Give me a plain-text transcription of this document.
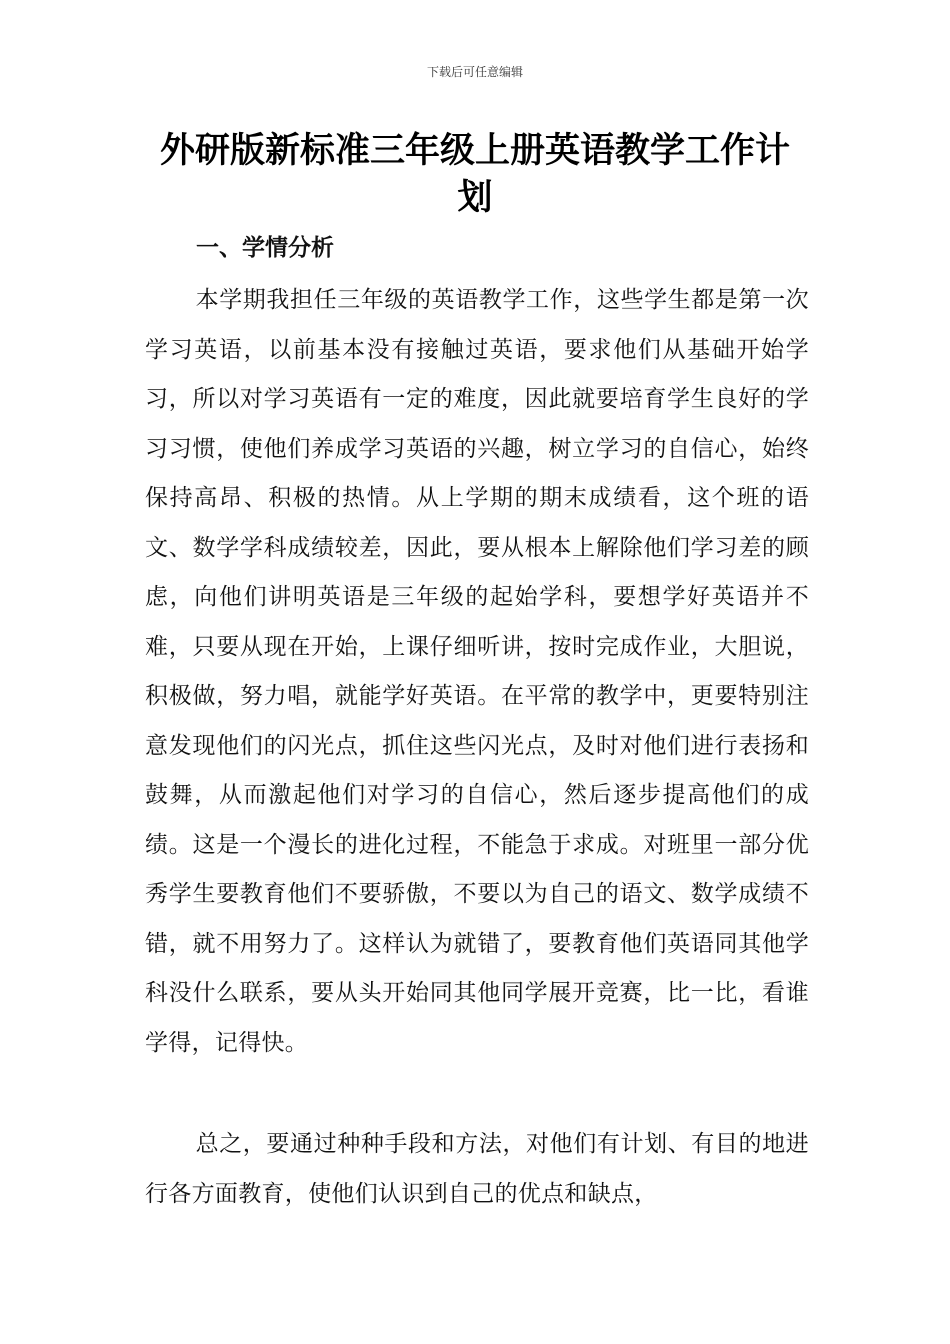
下载后可任意编辑
外研版新标准三年级上册英语教学工作计划
一、学情分析

本学期我担任三年级的英语教学工作，这些学生都是第一次学习英语，以前基本没有接触过英语，要求他们从基础开始学习，所以对学习英语有一定的难度，因此就要培育学生良好的学习习惯，使他们养成学习英语的兴趣，树立学习的自信心，始终保持高昂、积极的热情。从上学期的期末成绩看，这个班的语文、数学学科成绩较差，因此，要从根本上解除他们学习差的顾虑，向他们讲明英语是三年级的起始学科，要想学好英语并不难，只要从现在开始，上课仔细听讲，按时完成作业，大胆说，积极做，努力唱，就能学好英语。在平常的教学中，更要特别注意发现他们的闪光点，抓住这些闪光点，及时对他们进行表扬和鼓舞，从而激起他们对学习的自信心，然后逐步提高他们的成绩。这是一个漫长的进化过程，不能急于求成。对班里一部分优秀学生要教育他们不要骄傲，不要以为自己的语文、数学成绩不错，就不用努力了。这样认为就错了，要教育他们英语同其他学科没什么联系，要从头开始同其他同学展开竞赛，比一比，看谁学得，记得快。

总之，要通过种种手段和方法，对他们有计划、有目的地进行各方面教育，使他们认识到自己的优点和缺点，
